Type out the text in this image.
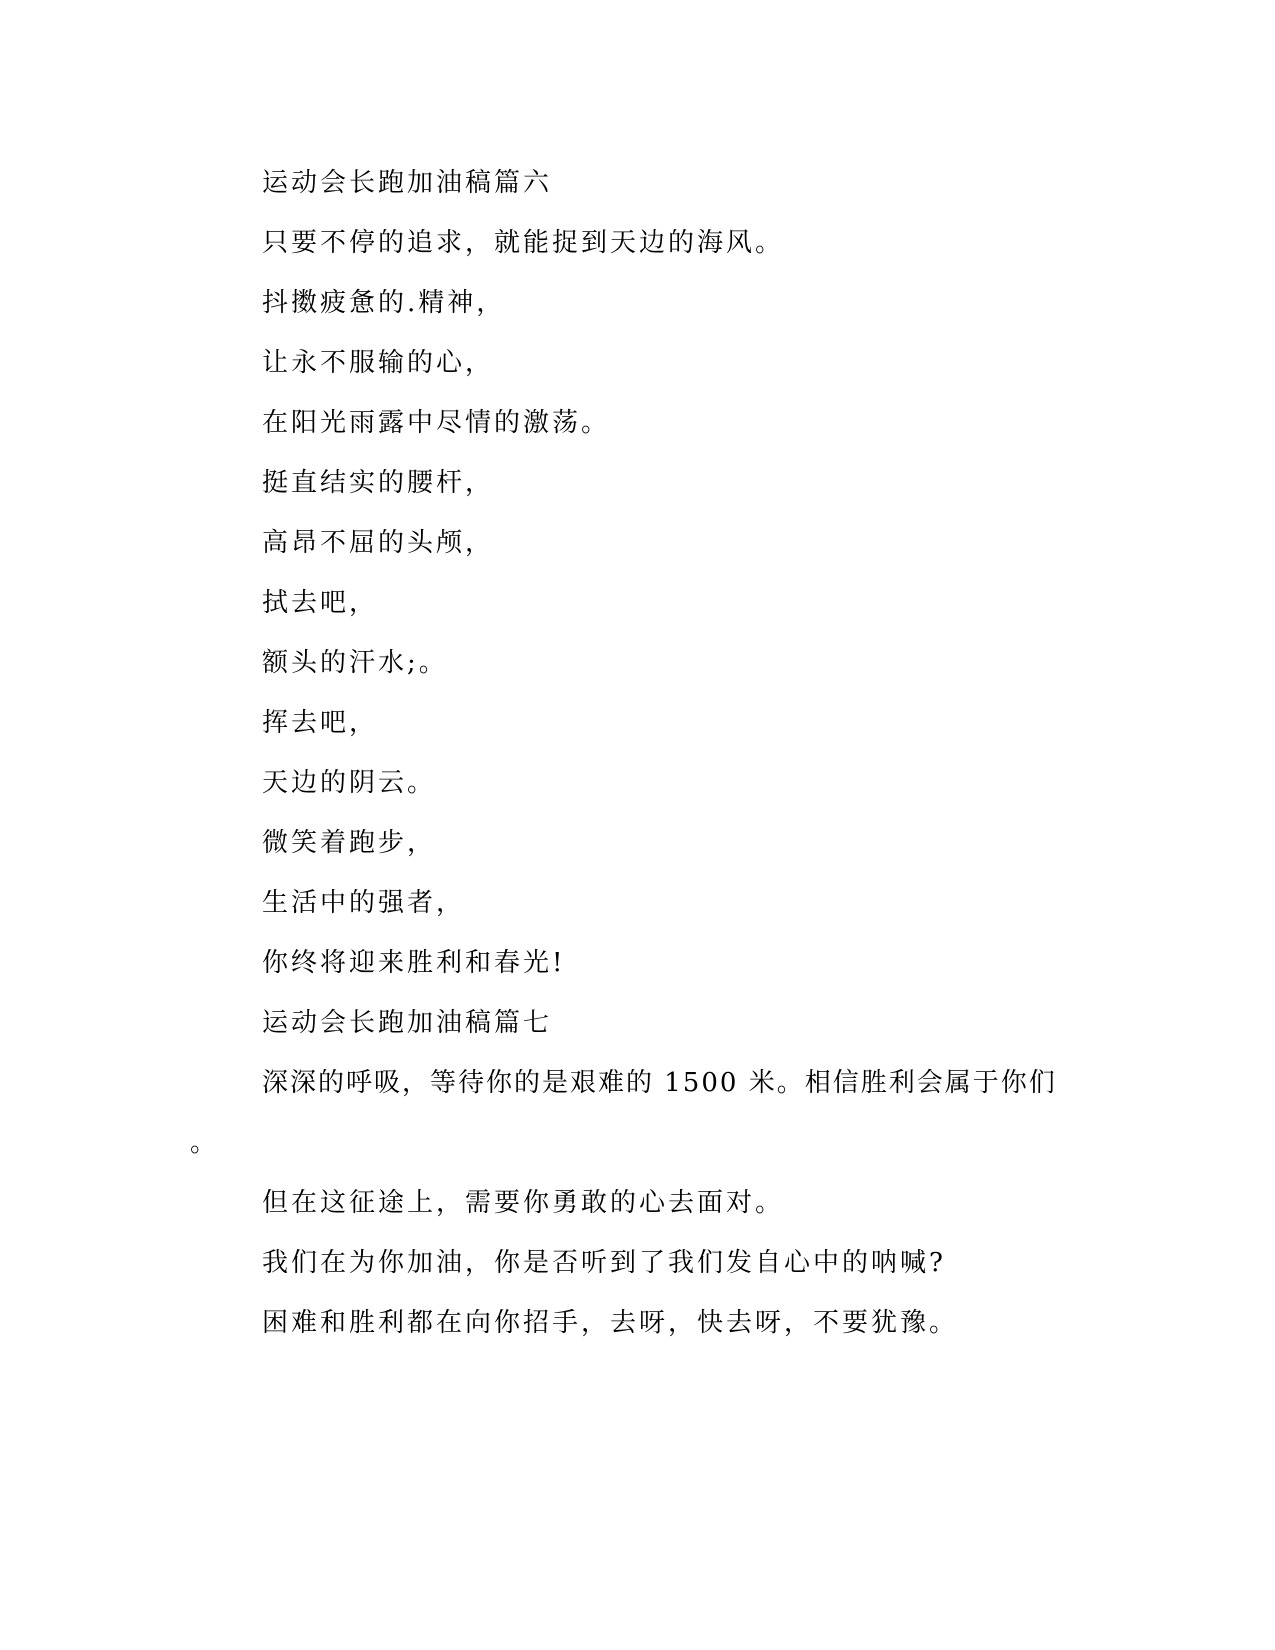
运动会长跑加油稿篇六

只要不停的追求，就能捉到天边的海风。

抖擞疲惫的.精神，

让永不服输的心，

在阳光雨露中尽情的激荡。

挺直结实的腰杆，

高昂不屈的头颅，

拭去吧，

额头的汗水;。

挥去吧，

天边的阴云。

微笑着跑步，

生活中的强者，

你终将迎来胜利和春光!

运动会长跑加油稿篇七

深深的呼吸，等待你的是艰难的 1500 米。相信胜利会属于你们

。

但在这征途上，需要你勇敢的心去面对。

我们在为你加油，你是否听到了我们发自心中的呐喊?

困难和胜利都在向你招手，去呀，快去呀，不要犹豫。
